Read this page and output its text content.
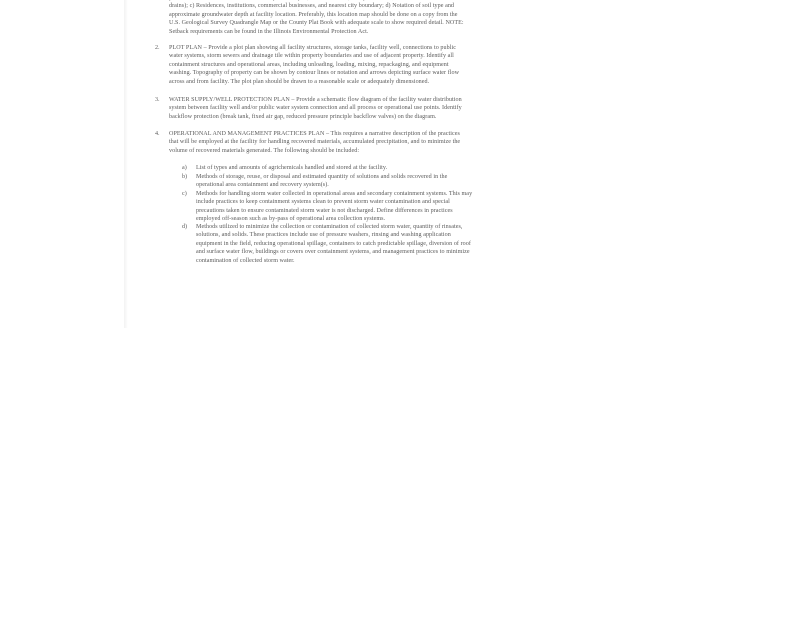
drains); c) Residences, institutions, commercial businesses, and nearest city boundary; d) Notation of soil type and
approximate groundwater depth at facility location. Preferably, this location map should be done on a copy from the
U.S. Geological Survey Quadrangle Map or the County Plat Book with adequate scale to show required detail. NOTE:
Setback requirements can be found in the Illinois Environmental Protection Act.
2.	PLOT PLAN – Provide a plot plan showing all facility structures, storage tanks, facility well, connections to public
water systems, storm sewers and drainage tile within property boundaries and use of adjacent property. Identify all
containment structures and operational areas, including unloading, loading, mixing, repackaging, and equipment
washing. Topography of property can be shown by contour lines or notation and arrows depicting surface water flow
across and from facility. The plot plan should be drawn to a reasonable scale or adequately dimensioned.
3.	WATER SUPPLY/WELL PROTECTION PLAN – Provide a schematic flow diagram of the facility water distribution
system between facility well and/or public water system connection and all process or operational use points. Identify
backflow protection (break tank, fixed air gap, reduced pressure principle backflow valves) on the diagram.
4.	OPERATIONAL AND MANAGEMENT PRACTICES PLAN – This requires a narrative description of the practices
that will be employed at the facility for handling recovered materials, accumulated precipitation, and to minimize the
volume of recovered materials generated. The following should be included:
a)	List of types and amounts of agrichemicals handled and stored at the facility.
b)	Methods of storage, reuse, or disposal and estimated quantity of solutions and solids recovered in the
operational area containment and recovery system(s).
c)	Methods for handling storm water collected in operational areas and secondary containment systems. This may
include practices to keep containment systems clean to prevent storm water contamination and special
precautions taken to ensure contaminated storm water is not discharged. Define differences in practices
employed off-season such as by-pass of operational area collection systems.
d)	Methods utilized to minimize the collection or contamination of collected storm water, quantity of rinsates,
solutions, and solids. These practices include use of pressure washers, rinsing and washing application
equipment in the field, reducing operational spillage, containers to catch predictable spillage, diversion of roof
and surface water flow, buildings or covers over containment systems, and management practices to minimize
contamination of collected storm water.
